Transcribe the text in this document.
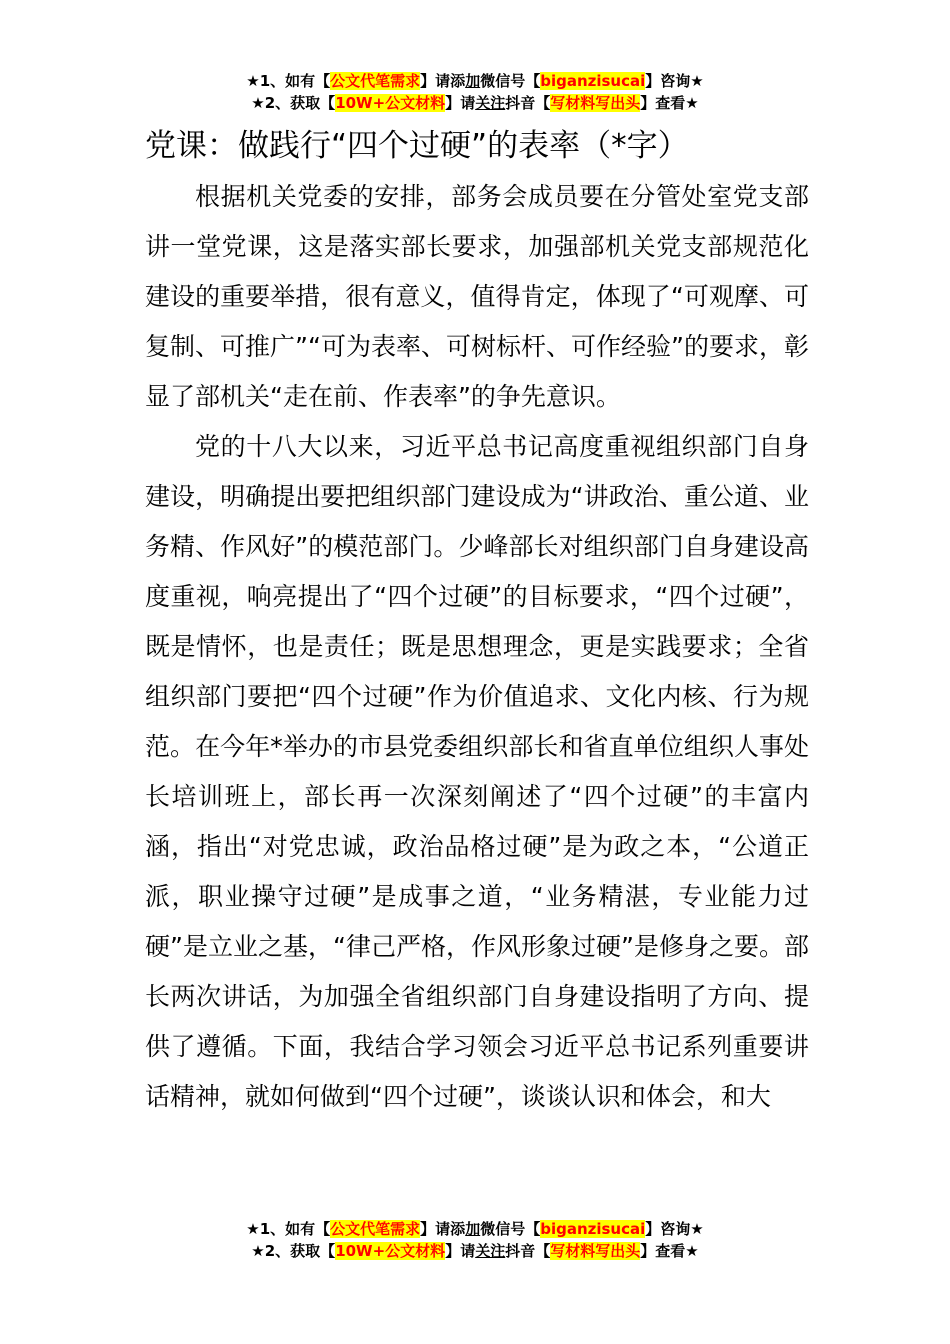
★1、如有【公文代笔需求】请添加微信号【biganzisucai】咨询★
★2、获取【10W+公文材料】请关注抖音【写材料写出头】查看★
党课：做践行“四个过硬”的表率（*字）

根据机关党委的安排，部务会成员要在分管处室党支部讲一堂党课，这是落实部长要求，加强部机关党支部规范化建设的重要举措，很有意义，值得肯定，体现了“可观摩、可复制、可推广”“可为表率、可树标杆、可作经验”的要求，彰显了部机关“走在前、作表率”的争先意识。

党的十八大以来，习近平总书记高度重视组织部门自身建设，明确提出要把组织部门建设成为“讲政治、重公道、业务精、作风好”的模范部门。少峰部长对组织部门自身建设高度重视，响亮提出了“四个过硬”的目标要求，“四个过硬”，既是情怀，也是责任；既是思想理念，更是实践要求；全省组织部门要把“四个过硬”作为价值追求、文化内核、行为规范。在今年*举办的市县党委组织部长和省直单位组织人事处长培训班上，部长再一次深刻阐述了“四个过硬”的丰富内涵，指出“对党忠诚，政治品格过硬”是为政之本，“公道正派，职业操守过硬”是成事之道，“业务精湛，专业能力过硬”是立业之基，“律己严格，作风形象过硬”是修身之要。部长两次讲话，为加强全省组织部门自身建设指明了方向、提供了遵循。下面，我结合学习领会习近平总书记系列重要讲话精神，就如何做到“四个过硬”，谈谈认识和体会，和大

★1、如有【公文代笔需求】请添加微信号【biganzisucai】咨询★
★2、获取【10W+公文材料】请关注抖音【写材料写出头】查看★
